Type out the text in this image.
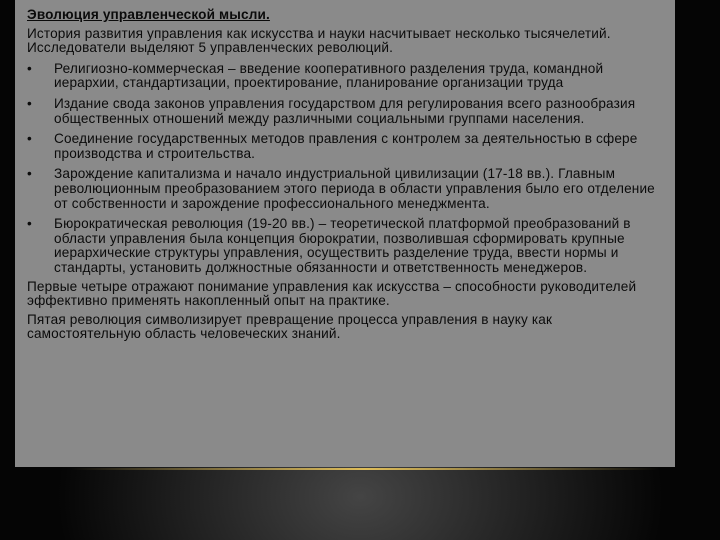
Эволюция управленческой мысли.
История развития управления как искусства и науки насчитывает несколько тысячелетий. Исследователи выделяют 5 управленческих революций.
•	Религиозно-коммерческая – введение кооперативного разделения труда, командной иерархии, стандартизации, проектирование, планирование организации труда
•	Издание свода законов управления государством для регулирования всего разнообразия общественных отношений между различными социальными группами населения.
•	Соединение государственных методов правления с контролем за деятельностью в сфере производства и строительства.
•	Зарождение капитализма и начало индустриальной цивилизации (17-18 вв.). Главным революционным преобразованием этого периода в области управления было его отделение от собственности и зарождение профессионального менеджмента.
•	Бюрократическая революция (19-20 вв.) – теоретической платформой преобразований в области управления была концепция бюрократии, позволившая сформировать крупные иерархические структуры управления, осуществить разделение труда, ввести нормы и стандарты, установить должностные обязанности и ответственность менеджеров.
Первые четыре отражают понимание управления как искусства – способности руководителей эффективно применять накопленный опыт на практике.
Пятая революция символизирует превращение процесса управления в науку как самостоятельную область человеческих знаний.
